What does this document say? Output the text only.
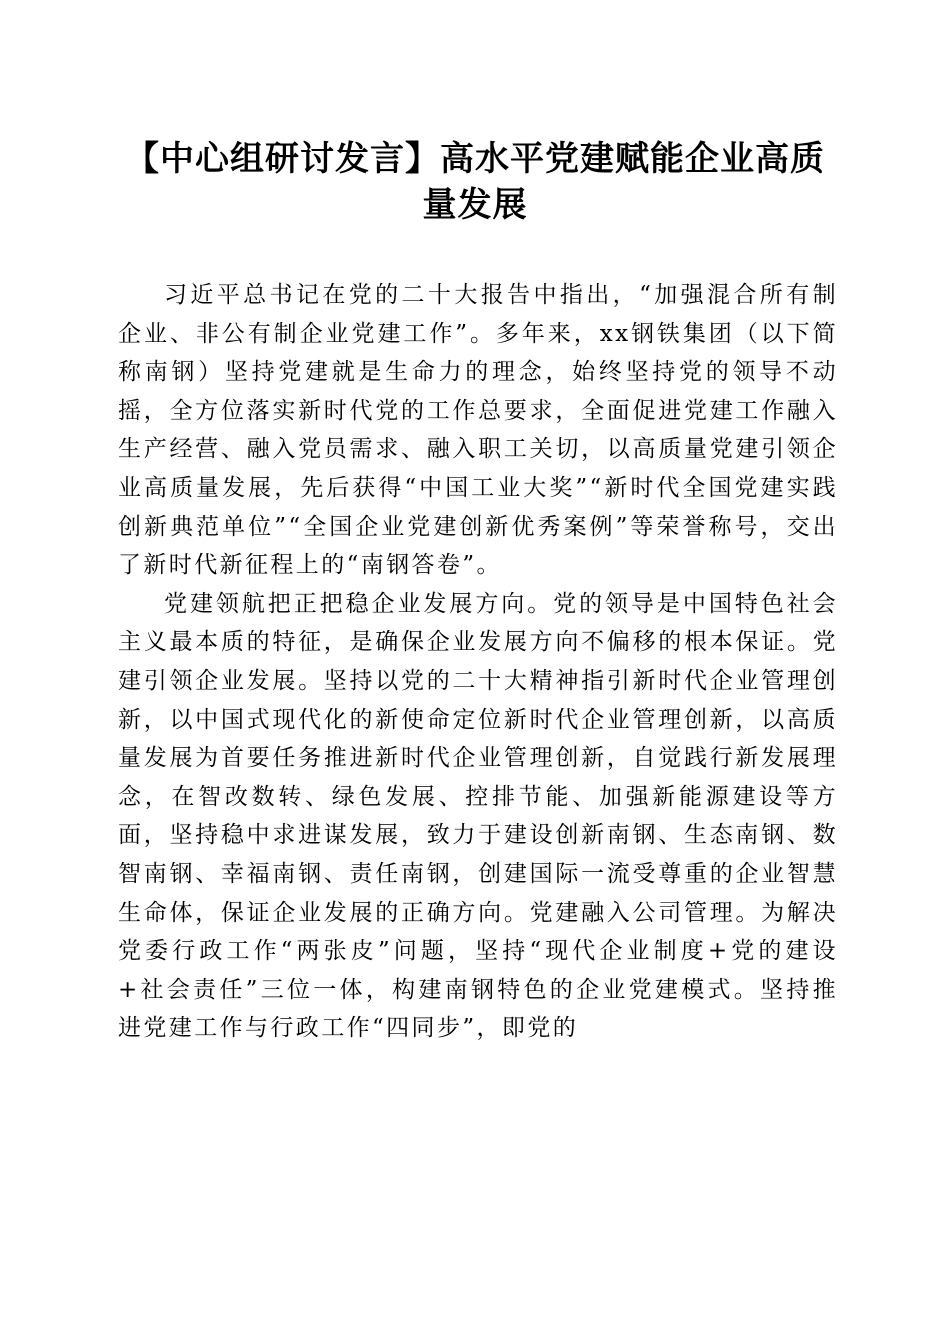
【中心组研讨发言】高水平党建赋能企业高质
量发展

习近平总书记在党的二十大报告中指出，“加强混合所有制企业、非公有制企业党建工作”。多年来，xx钢铁集团（以下简称南钢）坚持党建就是生命力的理念，始终坚持党的领导不动摇，全方位落实新时代党的工作总要求，全面促进党建工作融入生产经营、融入党员需求、融入职工关切，以高质量党建引领企业高质量发展，先后获得“中国工业大奖”“新时代全国党建实践创新典范单位”“全国企业党建创新优秀案例”等荣誉称号，交出了新时代新征程上的“南钢答卷”。

党建领航把正把稳企业发展方向。党的领导是中国特色社会主义最本质的特征，是确保企业发展方向不偏移的根本保证。党建引领企业发展。坚持以党的二十大精神指引新时代企业管理创新，以中国式现代化的新使命定位新时代企业管理创新，以高质量发展为首要任务推进新时代企业管理创新，自觉践行新发展理念，在智改数转、绿色发展、控排节能、加强新能源建设等方面，坚持稳中求进谋发展，致力于建设创新南钢、生态南钢、数智南钢、幸福南钢、责任南钢，创建国际一流受尊重的企业智慧生命体，保证企业发展的正确方向。党建融入公司管理。为解决党委行政工作“两张皮”问题，坚持“现代企业制度+党的建设+社会责任”三位一体，构建南钢特色的企业党建模式。坚持推进党建工作与行政工作“四同步”，即党的
